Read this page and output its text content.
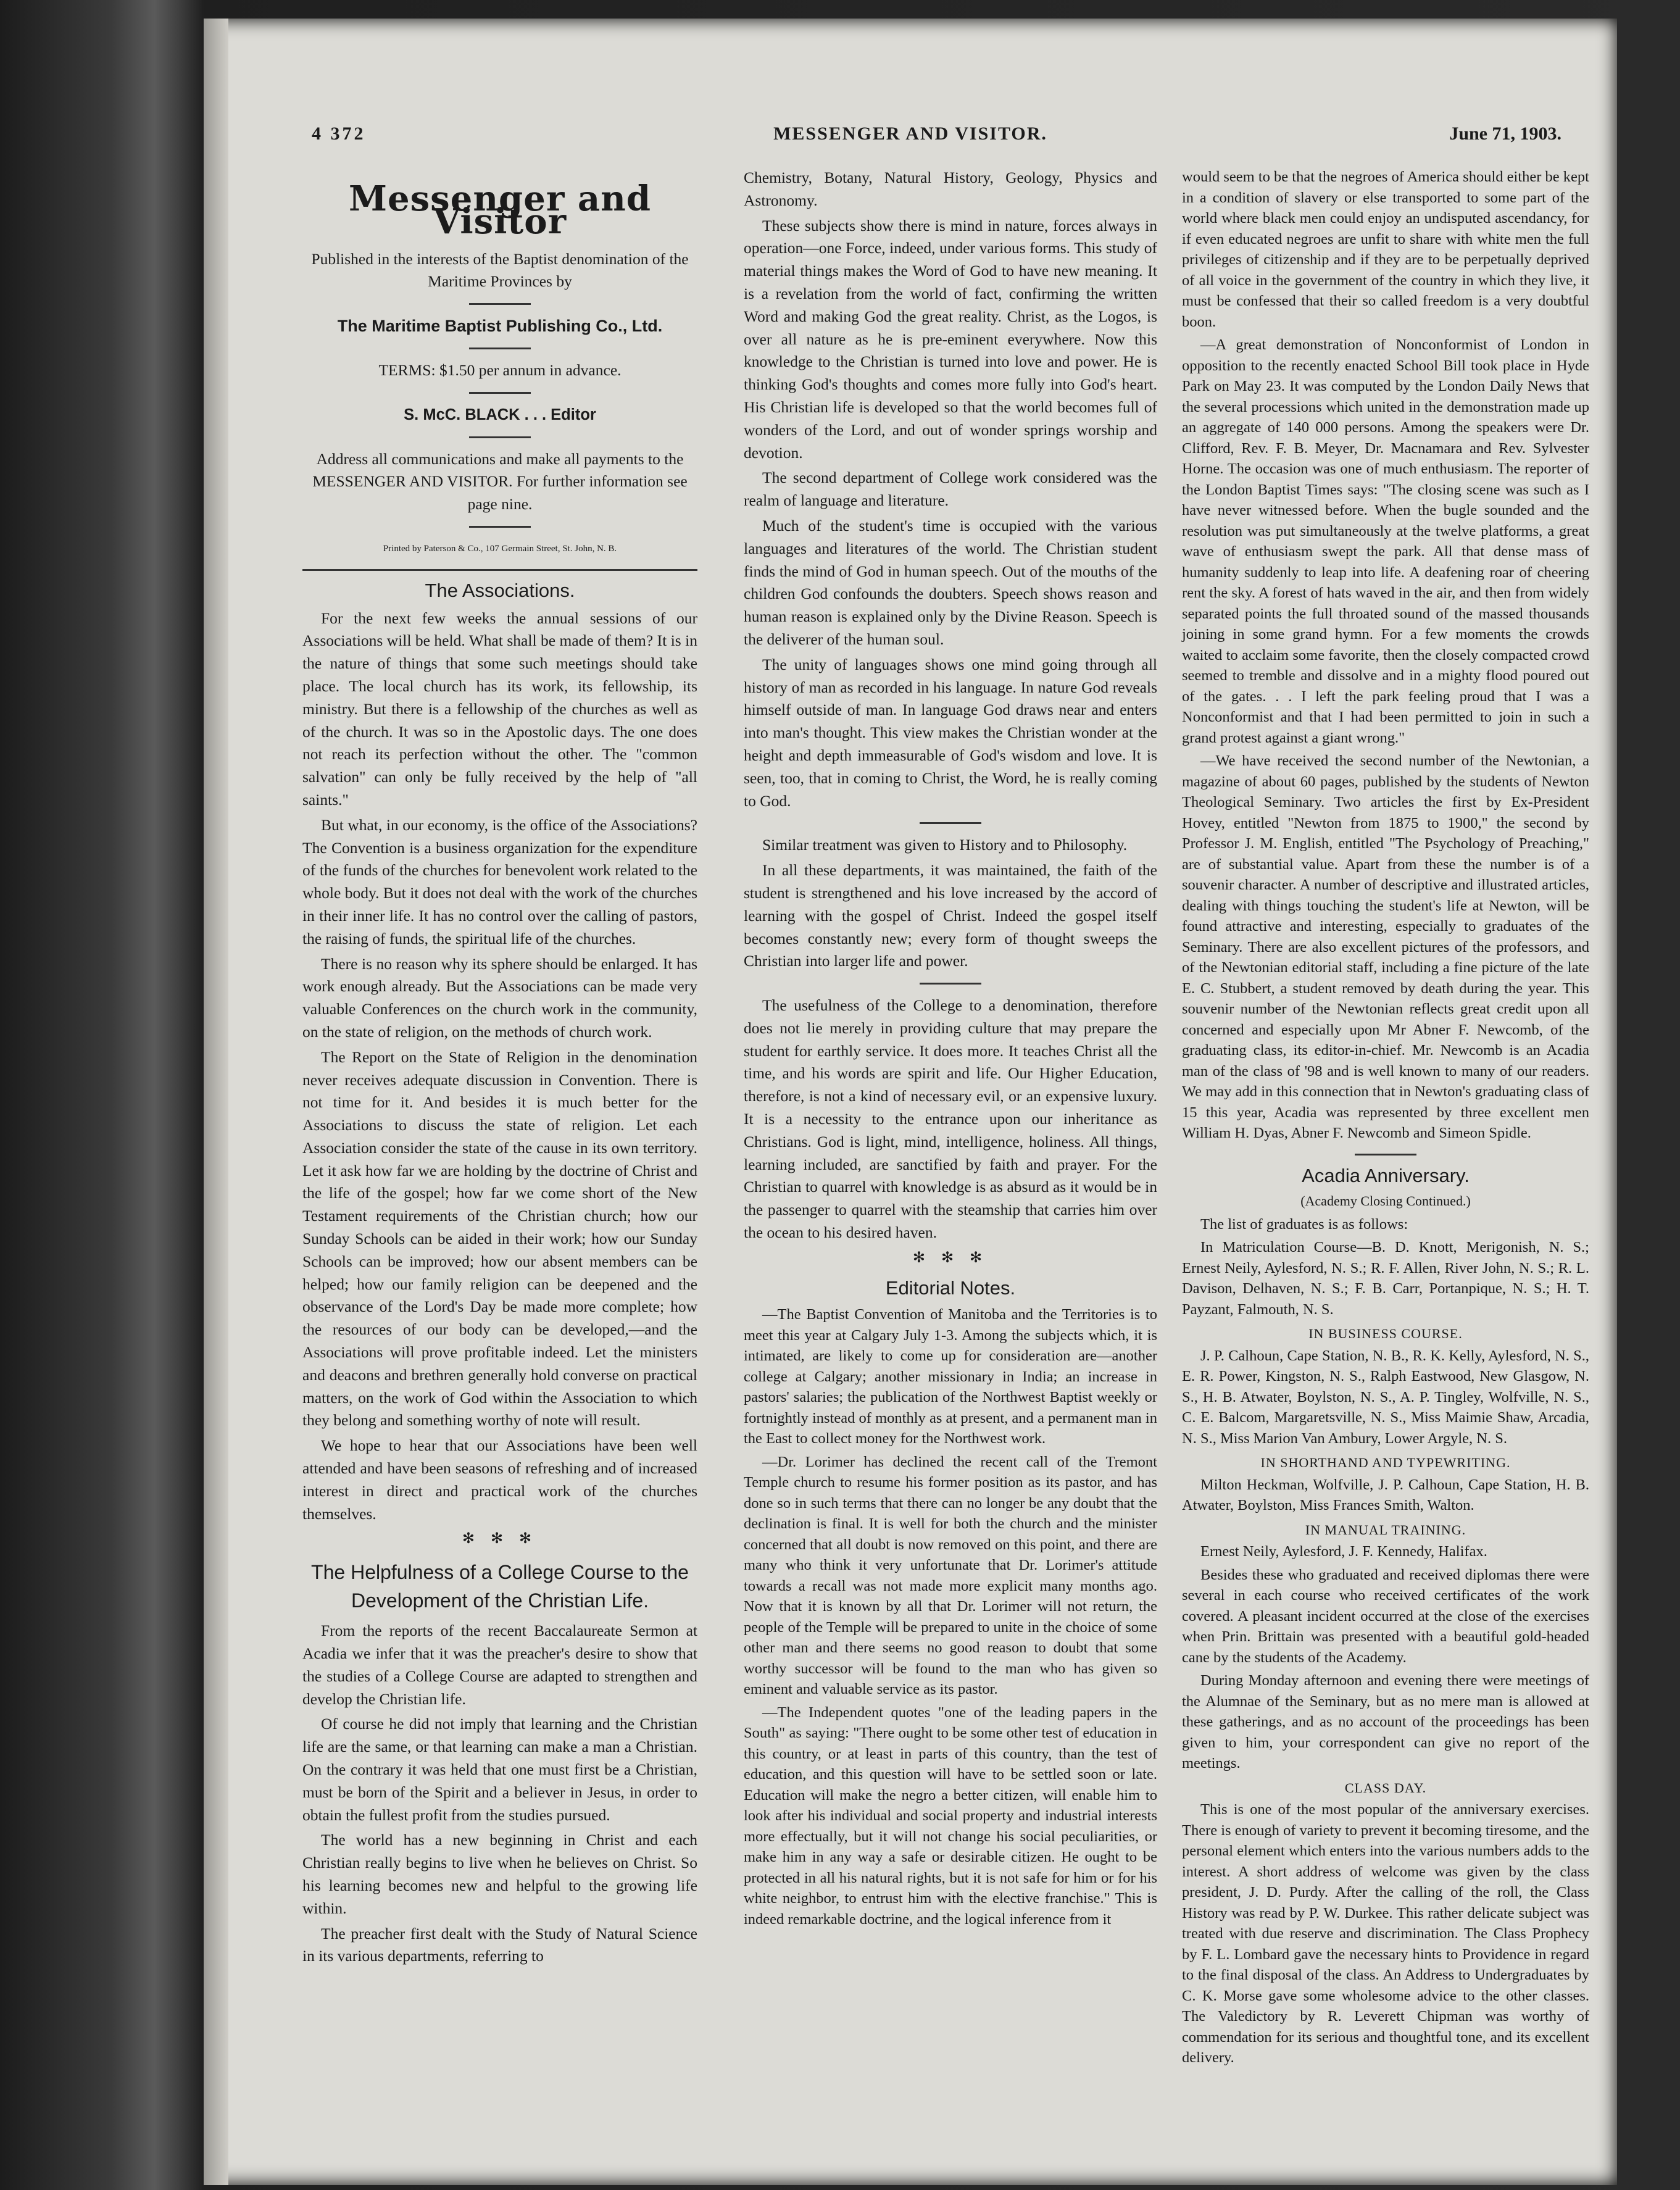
4 372	MESSENGER AND VISITOR.	June 71, 1903.
Messenger and Visitor

Published in the interests of the Baptist denomination of the Maritime Provinces by

The Maritime Baptist Publishing Co., Ltd.

TERMS: $1.50 per annum in advance.

S. McC. BLACK . . . Editor

Address all communications and make all payments to the MESSENGER AND VISITOR. For further information see page nine.

Printed by Paterson & Co., 107 Germain Street, St. John, N. B.
The Associations.

For the next few weeks the annual sessions of our Associations will be held. What shall be made of them? It is in the nature of things that some such meetings should take place. The local church has its work, its fellowship, its ministry. But there is a fellowship of the churches as well as of the church. It was so in the Apostolic days. The one does not reach its perfection without the other. The "common salvation" can only be fully received by the help of "all saints."

But what, in our economy, is the office of the Associations? The Convention is a business organization for the expenditure of the funds of the churches for benevolent work related to the whole body. But it does not deal with the work of the churches in their inner life. It has no control over the calling of pastors, the raising of funds, the spiritual life of the churches.

There is no reason why its sphere should be enlarged. It has work enough already. But the Associations can be made very valuable Conferences on the church work in the community, on the state of religion, on the methods of church work.

The Report on the State of Religion in the denomination never receives adequate discussion in Convention. There is not time for it. And besides it is much better for the Associations to discuss the state of religion. Let each Association consider the state of the cause in its own territory. Let it ask how far we are holding by the doctrine of Christ and the life of the gospel; how far we come short of the New Testament requirements of the Christian church; how our Sunday Schools can be aided in their work; how our Sunday Schools can be improved; how our absent members can be helped; how our family religion can be deepened and the observance of the Lord's Day be made more complete; how the resources of our body can be developed,—and the Associations will prove profitable indeed. Let the ministers and deacons and brethren generally hold converse on practical matters, on the work of God within the Association to which they belong and something worthy of note will result.

We hope to hear that our Associations have been well attended and have been seasons of refreshing and of increased interest in direct and practical work of the churches themselves.

✻ ✻ ✻
The Helpfulness of a College Course to the Development of the Christian Life.

From the reports of the recent Baccalaureate Sermon at Acadia we infer that it was the preacher's desire to show that the studies of a College Course are adapted to strengthen and develop the Christian life.

Of course he did not imply that learning and the Christian life are the same, or that learning can make a man a Christian. On the contrary it was held that one must first be a Christian, must be born of the Spirit and a believer in Jesus, in order to obtain the fullest profit from the studies pursued.

The world has a new beginning in Christ and each Christian really begins to live when he believes on Christ. So his learning becomes new and helpful to the growing life within.

The preacher first dealt with the Study of Natural Science in its various departments, referring to

Chemistry, Botany, Natural History, Geology, Physics and Astronomy.

These subjects show there is mind in nature, forces always in operation—one Force, indeed, under various forms. This study of material things makes the Word of God to have new meaning. It is a revelation from the world of fact, confirming the written Word and making God the great reality. Christ, as the Logos, is over all nature as he is pre-eminent everywhere. Now this knowledge to the Christian is turned into love and power. He is thinking God's thoughts and comes more fully into God's heart. His Christian life is developed so that the world becomes full of wonders of the Lord, and out of wonder springs worship and devotion.

The second department of College work considered was the realm of language and literature.

Much of the student's time is occupied with the various languages and literatures of the world. The Christian student finds the mind of God in human speech. Out of the mouths of the children God confounds the doubters. Speech shows reason and human reason is explained only by the Divine Reason. Speech is the deliverer of the human soul.

The unity of languages shows one mind going through all history of man as recorded in his language. In nature God reveals himself outside of man. In language God draws near and enters into man's thought. This view makes the Christian wonder at the height and depth immeasurable of God's wisdom and love. It is seen, too, that in coming to Christ, the Word, he is really coming to God.

Similar treatment was given to History and to Philosophy.

In all these departments, it was maintained, the faith of the student is strengthened and his love increased by the accord of learning with the gospel of Christ. Indeed the gospel itself becomes constantly new; every form of thought sweeps the Christian into larger life and power.

The usefulness of the College to a denomination, therefore does not lie merely in providing culture that may prepare the student for earthly service. It does more. It teaches Christ all the time, and his words are spirit and life. Our Higher Education, therefore, is not a kind of necessary evil, or an expensive luxury. It is a necessity to the entrance upon our inheritance as Christians. God is light, mind, intelligence, holiness. All things, learning included, are sanctified by faith and prayer. For the Christian to quarrel with knowledge is as absurd as it would be in the passenger to quarrel with the steamship that carries him over the ocean to his desired haven.

✻ ✻ ✻
Editorial Notes.

—The Baptist Convention of Manitoba and the Territories is to meet this year at Calgary July 1-3. Among the subjects which, it is intimated, are likely to come up for consideration are—another college at Calgary; another missionary in India; an increase in pastors' salaries; the publication of the Northwest Baptist weekly or fortnightly instead of monthly as at present, and a permanent man in the East to collect money for the Northwest work.

—Dr. Lorimer has declined the recent call of the Tremont Temple church to resume his former position as its pastor, and has done so in such terms that there can no longer be any doubt that the declination is final. It is well for both the church and the minister concerned that all doubt is now removed on this point, and there are many who think it very unfortunate that Dr. Lorimer's attitude towards a recall was not made more explicit many months ago. Now that it is known by all that Dr. Lorimer will not return, the people of the Temple will be prepared to unite in the choice of some other man and there seems no good reason to doubt that some worthy successor will be found to the man who has given so eminent and valuable service as its pastor.

—The Independent quotes "one of the leading papers in the South" as saying: "There ought to be some other test of education in this country, or at least in parts of this country, than the test of education, and this question will have to be settled soon or late. Education will make the negro a better citizen, will enable him to look after his individual and social property and industrial interests more effectually, but it will not change his social peculiarities, or make him in any way a safe or desirable citizen. He ought to be protected in all his natural rights, but it is not safe for him or for his white neighbor, to entrust him with the elective franchise." This is indeed remarkable doctrine, and the logical inference from it

would seem to be that the negroes of America should either be kept in a condition of slavery or else transported to some part of the world where black men could enjoy an undisputed ascendancy, for if even educated negroes are unfit to share with white men the full privileges of citizenship and if they are to be perpetually deprived of all voice in the government of the country in which they live, it must be confessed that their so called freedom is a very doubtful boon.

—A great demonstration of Nonconformist of London in opposition to the recently enacted School Bill took place in Hyde Park on May 23. It was computed by the London Daily News that the several processions which united in the demonstration made up an aggregate of 140 000 persons. Among the speakers were Dr. Clifford, Rev. F. B. Meyer, Dr. Macnamara and Rev. Sylvester Horne. The occasion was one of much enthusiasm. The reporter of the London Baptist Times says: "The closing scene was such as I have never witnessed before. When the bugle sounded and the resolution was put simultaneously at the twelve platforms, a great wave of enthusiasm swept the park. All that dense mass of humanity suddenly to leap into life. A deafening roar of cheering rent the sky. A forest of hats waved in the air, and then from widely separated points the full throated sound of the massed thousands joining in some grand hymn. For a few moments the crowds waited to acclaim some favorite, then the closely compacted crowd seemed to tremble and dissolve and in a mighty flood poured out of the gates. . . I left the park feeling proud that I was a Nonconformist and that I had been permitted to join in such a grand protest against a giant wrong."

—We have received the second number of the Newtonian, a magazine of about 60 pages, published by the students of Newton Theological Seminary. Two articles the first by Ex-President Hovey, entitled "Newton from 1875 to 1900," the second by Professor J. M. English, entitled "The Psychology of Preaching," are of substantial value. Apart from these the number is of a souvenir character. A number of descriptive and illustrated articles, dealing with things touching the student's life at Newton, will be found attractive and interesting, especially to graduates of the Seminary. There are also excellent pictures of the professors, and of the Newtonian editorial staff, including a fine picture of the late E. C. Stubbert, a student removed by death during the year. This souvenir number of the Newtonian reflects great credit upon all concerned and especially upon Mr Abner F. Newcomb, of the graduating class, its editor-in-chief. Mr. Newcomb is an Acadia man of the class of '98 and is well known to many of our readers. We may add in this connection that in Newton's graduating class of 15 this year, Acadia was represented by three excellent men William H. Dyas, Abner F. Newcomb and Simeon Spidle.

Acadia Anniversary.

(Academy Closing Continued.)

The list of graduates is as follows:

In Matriculation Course—B. D. Knott, Merigonish, N. S.; Ernest Neily, Aylesford, N. S.; R. F. Allen, River John, N. S.; R. L. Davison, Delhaven, N. S.; F. B. Carr, Portanpique, N. S.; H. T. Payzant, Falmouth, N. S.

IN BUSINESS COURSE.

J. P. Calhoun, Cape Station, N. B., R. K. Kelly, Aylesford, N. S., E. R. Power, Kingston, N. S., Ralph Eastwood, New Glasgow, N. S., H. B. Atwater, Boylston, N. S., A. P. Tingley, Wolfville, N. S., C. E. Balcom, Margaretsville, N. S., Miss Maimie Shaw, Arcadia, N. S., Miss Marion Van Ambury, Lower Argyle, N. S.

IN SHORTHAND AND TYPEWRITING.

Milton Heckman, Wolfville, J. P. Calhoun, Cape Station, H. B. Atwater, Boylston, Miss Frances Smith, Walton.

IN MANUAL TRAINING.

Ernest Neily, Aylesford, J. F. Kennedy, Halifax.

Besides these who graduated and received diplomas there were several in each course who received certificates of the work covered. A pleasant incident occurred at the close of the exercises when Prin. Brittain was presented with a beautiful gold-headed cane by the students of the Academy.

During Monday afternoon and evening there were meetings of the Alumnae of the Seminary, but as no mere man is allowed at these gatherings, and as no account of the proceedings has been given to him, your correspondent can give no report of the meetings.

CLASS DAY.

This is one of the most popular of the anniversary exercises. There is enough of variety to prevent it becoming tiresome, and the personal element which enters into the various numbers adds to the interest. A short address of welcome was given by the class president, J. D. Purdy. After the calling of the roll, the Class History was read by P. W. Durkee. This rather delicate subject was treated with due reserve and discrimination. The Class Prophecy by F. L. Lombard gave the necessary hints to Providence in regard to the final disposal of the class. An Address to Undergraduates by C. K. Morse gave some wholesome advice to the other classes. The Valedictory by R. Leverett Chipman was worthy of commendation for its serious and thoughtful tone, and its excellent delivery.
